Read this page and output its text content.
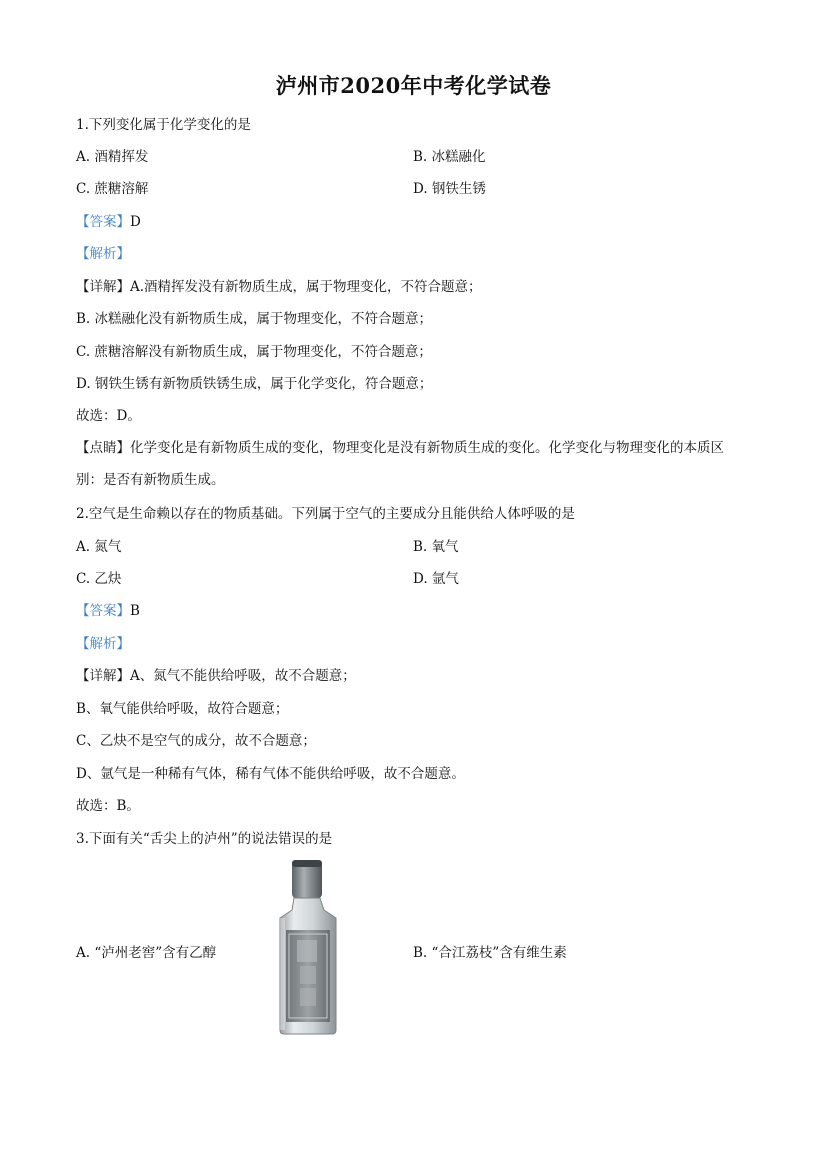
泸州市2020年中考化学试卷
1.下列变化属于化学变化的是
A. 酒精挥发	B. 冰糕融化
C. 蔗糖溶解	D. 钢铁生锈
【答案】D
【解析】
【详解】A.酒精挥发没有新物质生成，属于物理变化，不符合题意；
B. 冰糕融化没有新物质生成，属于物理变化，不符合题意；
C. 蔗糖溶解没有新物质生成，属于物理变化，不符合题意；
D. 钢铁生锈有新物质铁锈生成，属于化学变化，符合题意；
故选：D。
【点睛】化学变化是有新物质生成的变化，物理变化是没有新物质生成的变化。化学变化与物理变化的本质区别：是否有新物质生成。
2.空气是生命赖以存在的物质基础。下列属于空气的主要成分且能供给人体呼吸的是
A. 氮气	B. 氧气
C. 乙炔	D. 氩气
【答案】B
【解析】
【详解】A、氮气不能供给呼吸，故不合题意；
B、氧气能供给呼吸，故符合题意；
C、乙炔不是空气的成分，故不合题意；
D、氩气是一种稀有气体，稀有气体不能供给呼吸，故不合题意。
故选：B。
3.下面有关“舌尖上的泸州”的说法错误的是
A. “泸州老窖”含有乙醇	B. “合江荔枝”含有维生素
